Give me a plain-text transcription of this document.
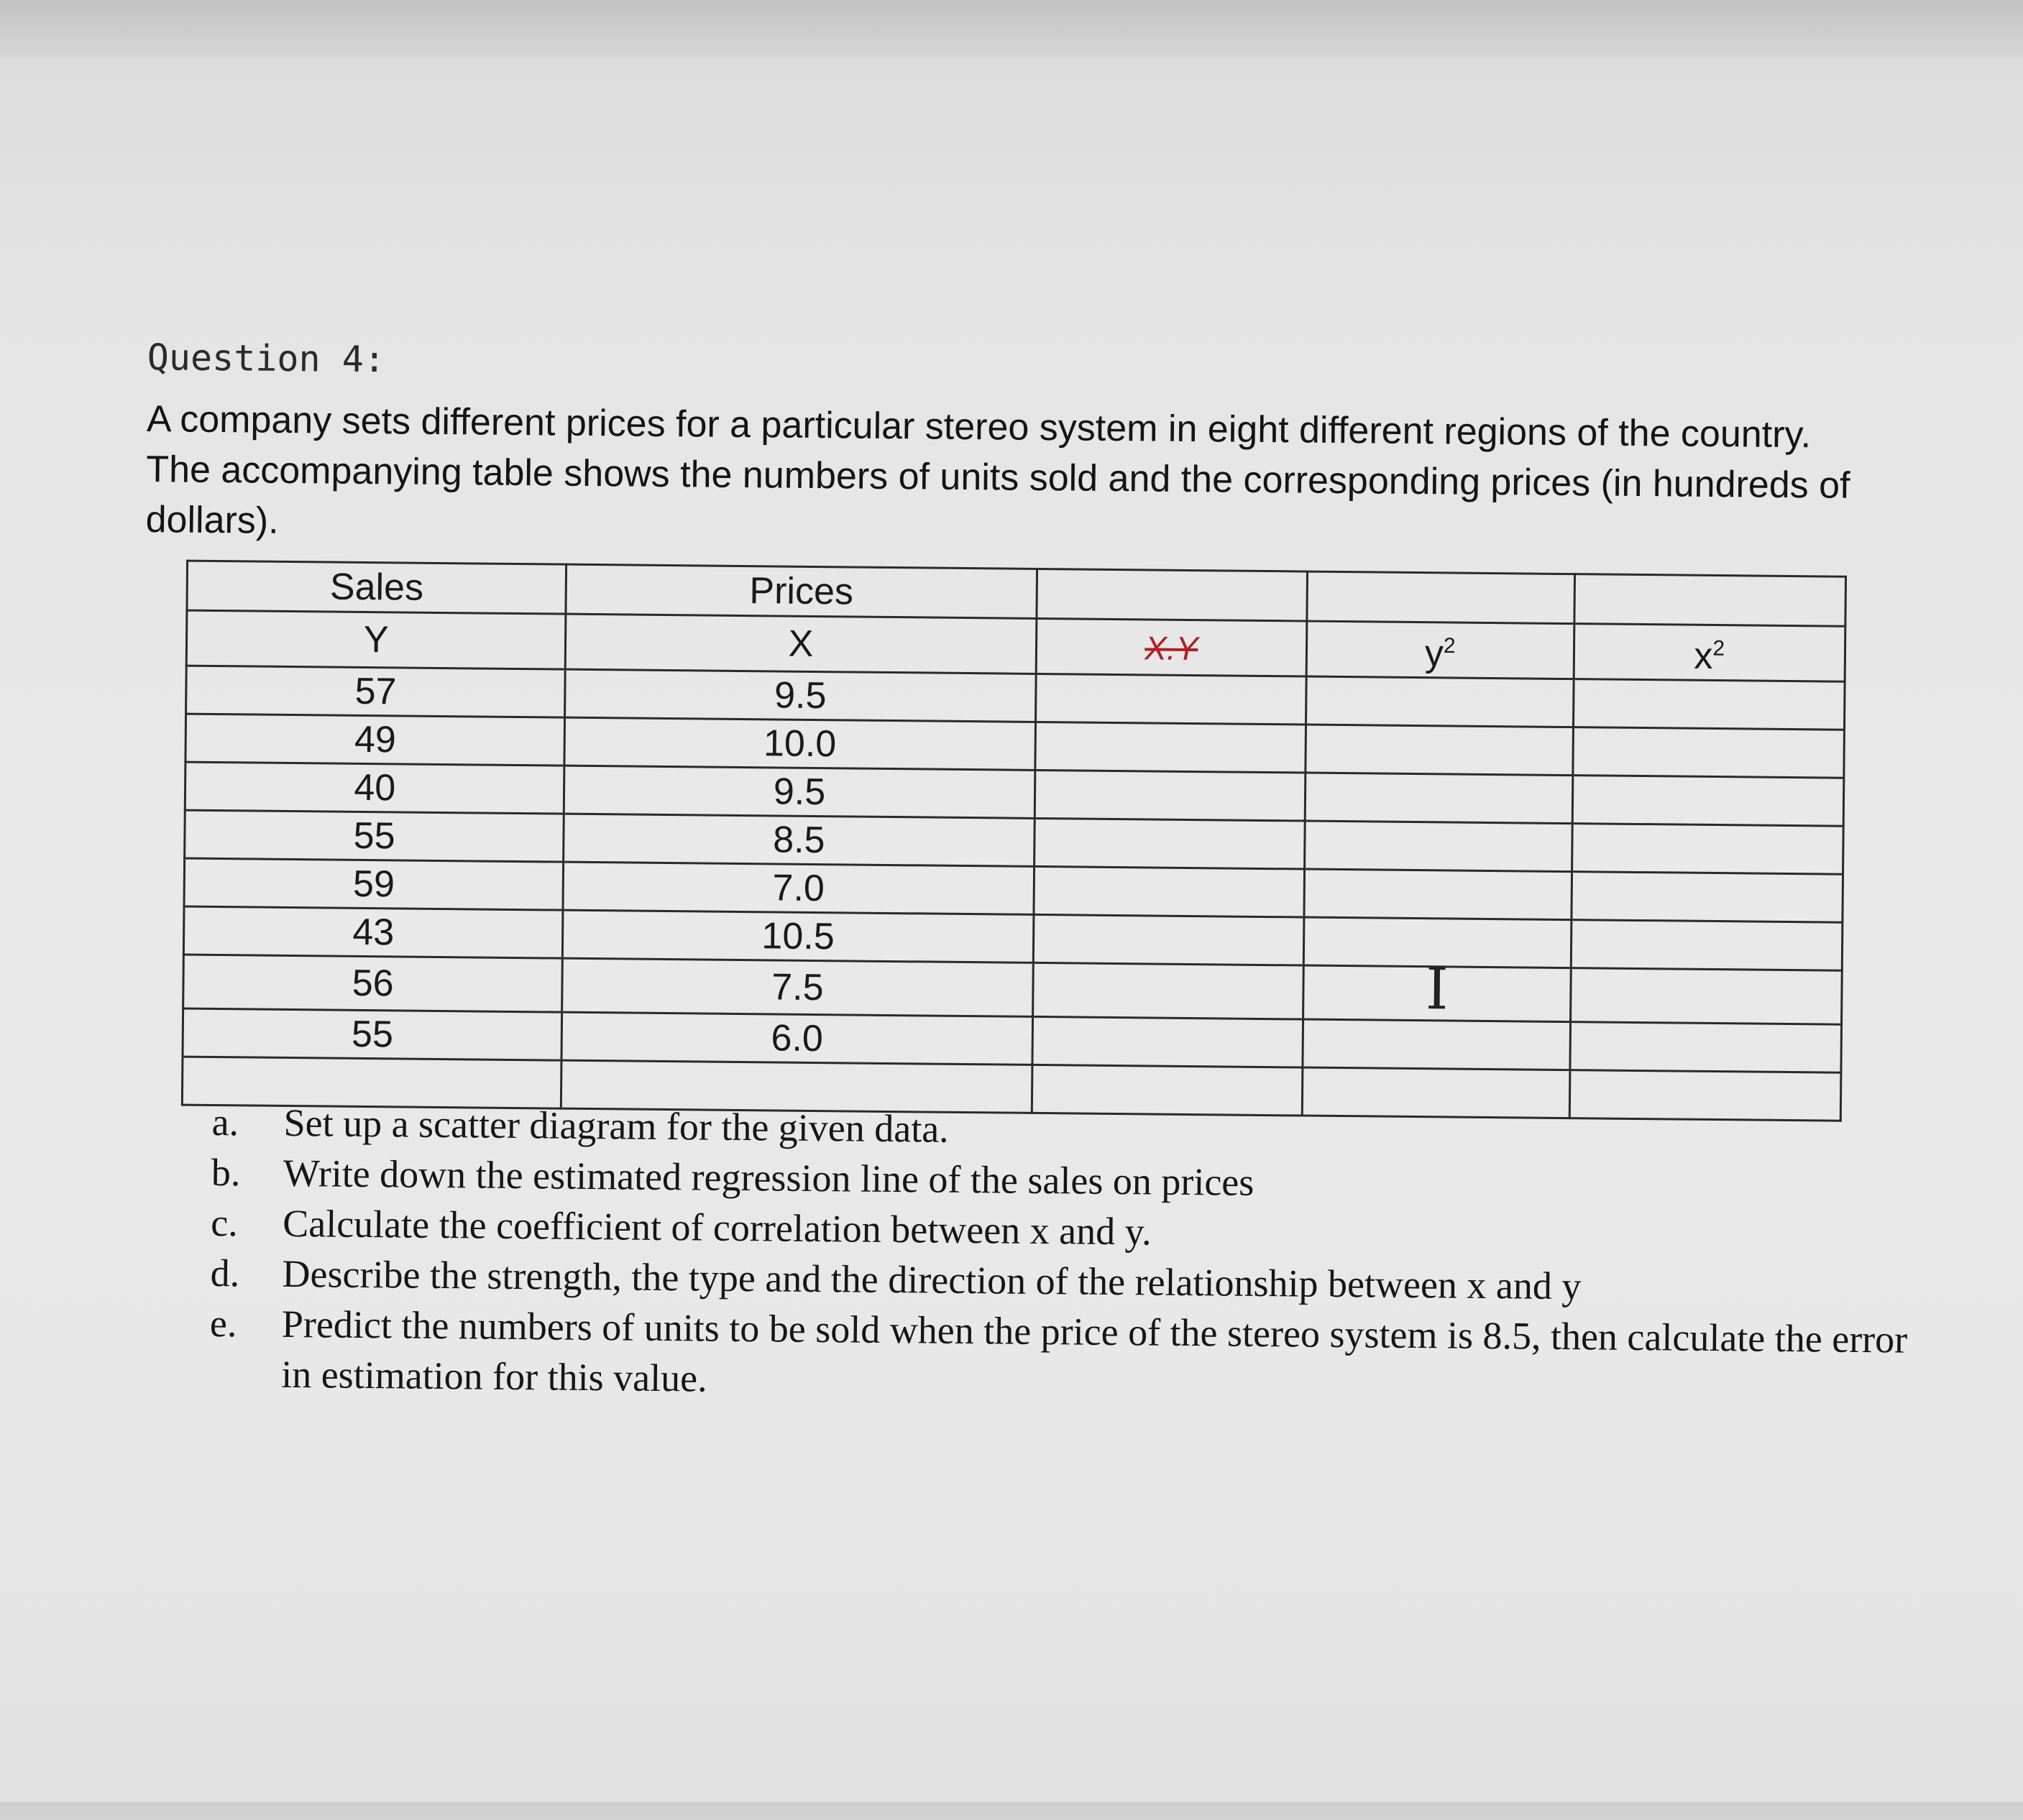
Question 4:

A company sets different prices for a particular stereo system in eight different regions of the country.

The accompanying table shows the numbers of units sold and the corresponding prices (in hundreds of

dollars).

Sales	Prices			
Y	X	X.Y	$y^2$	$x^2$
57	9.5			
49	10.0			
40	9.5			
55	8.5			
59	7.0			
43	10.5			
56	7.5		I	
55	6.0			

a.	Set up a scatter diagram for the given data.
b.	Write down the estimated regression line of the sales on prices
c.	Calculate the coefficient of correlation between x and y.
d.	Describe the strength, the type and the direction of the relationship between x and y
e.	Predict the numbers of units to be sold when the price of the stereo system is 8.5, then calculate the error in estimation for this value.
